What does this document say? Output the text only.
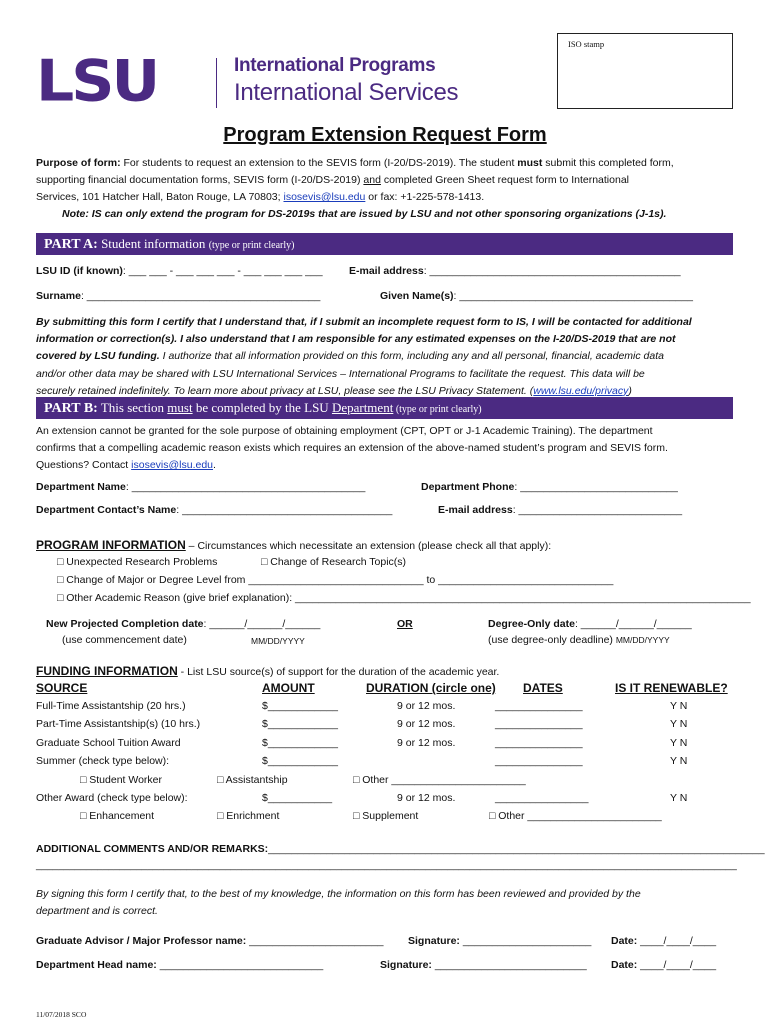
ISO stamp
LSU	International Programs
International Services
Program Extension Request Form
Purpose of form: For students to request an extension to the SEVIS form (I-20/DS-2019). The student must submit this completed form,
supporting financial documentation forms, SEVIS form (I-20/DS-2019) and completed Green Sheet request form to International
Services, 101 Hatcher Hall, Baton Rouge, LA 70803; isosevis@lsu.edu or fax: +1-225-578-1413.
Note: IS can only extend the program for DS-2019s that are issued by LSU and not other sponsoring organizations (J-1s).
PART A: Student information (type or print clearly)
LSU ID (if known): ___ ___ - ___ ___ ___ - ___ ___ ___ ___	E-mail address: ___________________________________________
Surname: ________________________________________	Given Name(s): ________________________________________
By submitting this form I certify that I understand that, if I submit an incomplete request form to IS, I will be contacted for additional
information or correction(s). I also understand that I am responsible for any estimated expenses on the I-20/DS-2019 that are not
covered by LSU funding. I authorize that all information provided on this form, including any and all personal, financial, academic data
and/or other data may be shared with LSU International Services – International Programs to facilitate the request. This data will be
securely retained indefinitely. To learn more about privacy at LSU, please see the LSU Privacy Statement. (www.lsu.edu/privacy)
PART B: This section must be completed by the LSU Department (type or print clearly)
An extension cannot be granted for the sole purpose of obtaining employment (CPT, OPT or J-1 Academic Training). The department
confirms that a compelling academic reason exists which requires an extension of the above-named student’s program and SEVIS form.
Questions? Contact isosevis@lsu.edu.
Department Name: ________________________________________	Department Phone: ___________________________
Department Contact’s Name: ____________________________________	E-mail address: ____________________________
PROGRAM INFORMATION – Circumstances which necessitate an extension (please check all that apply):
□ Unexpected Research Problems	□ Change of Research Topic(s)
□ Change of Major or Degree Level from ______________________________ to ______________________________
□ Other Academic Reason (give brief explanation): ______________________________________________________________________________
New Projected Completion date: ______/______/______
(use commencement date)	MM/DD/YYYY
OR	Degree-Only date: ______/______/______
(use degree-only deadline) MM/DD/YYYY
FUNDING INFORMATION - List LSU source(s) of support for the duration of the academic year.
SOURCE	AMOUNT	DURATION (circle one) DATES	IS IT RENEWABLE?
Full-Time Assistantship (20 hrs.)	$____________	9 or 12 mos.	_______________	Y N
Part-Time Assistantship(s) (10 hrs.)	$____________	9 or 12 mos.	_______________	Y N
Graduate School Tuition Award	$____________	9 or 12 mos.	_______________	Y N
Summer (check type below):	$____________	_______________	Y N
□ Student Worker	□ Assistantship	□ Other _______________________
Other Award (check type below):	$___________	9 or 12 mos.	________________	Y N
□ Enhancement	□ Enrichment	□ Supplement	□ Other _______________________
ADDITIONAL COMMENTS AND/OR REMARKS:_____________________________________________________________________________________
______________________________________________________________________________________________________________________________
By signing this form I certify that, to the best of my knowledge, the information on this form has been reviewed and provided by the
department and is correct.
Graduate Advisor / Major Professor name: _______________________ Signature: ______________________ Date: ____/____/____
Department Head name: ____________________________	Signature: __________________________ Date: ____/____/____
11/07/2018 SCO
